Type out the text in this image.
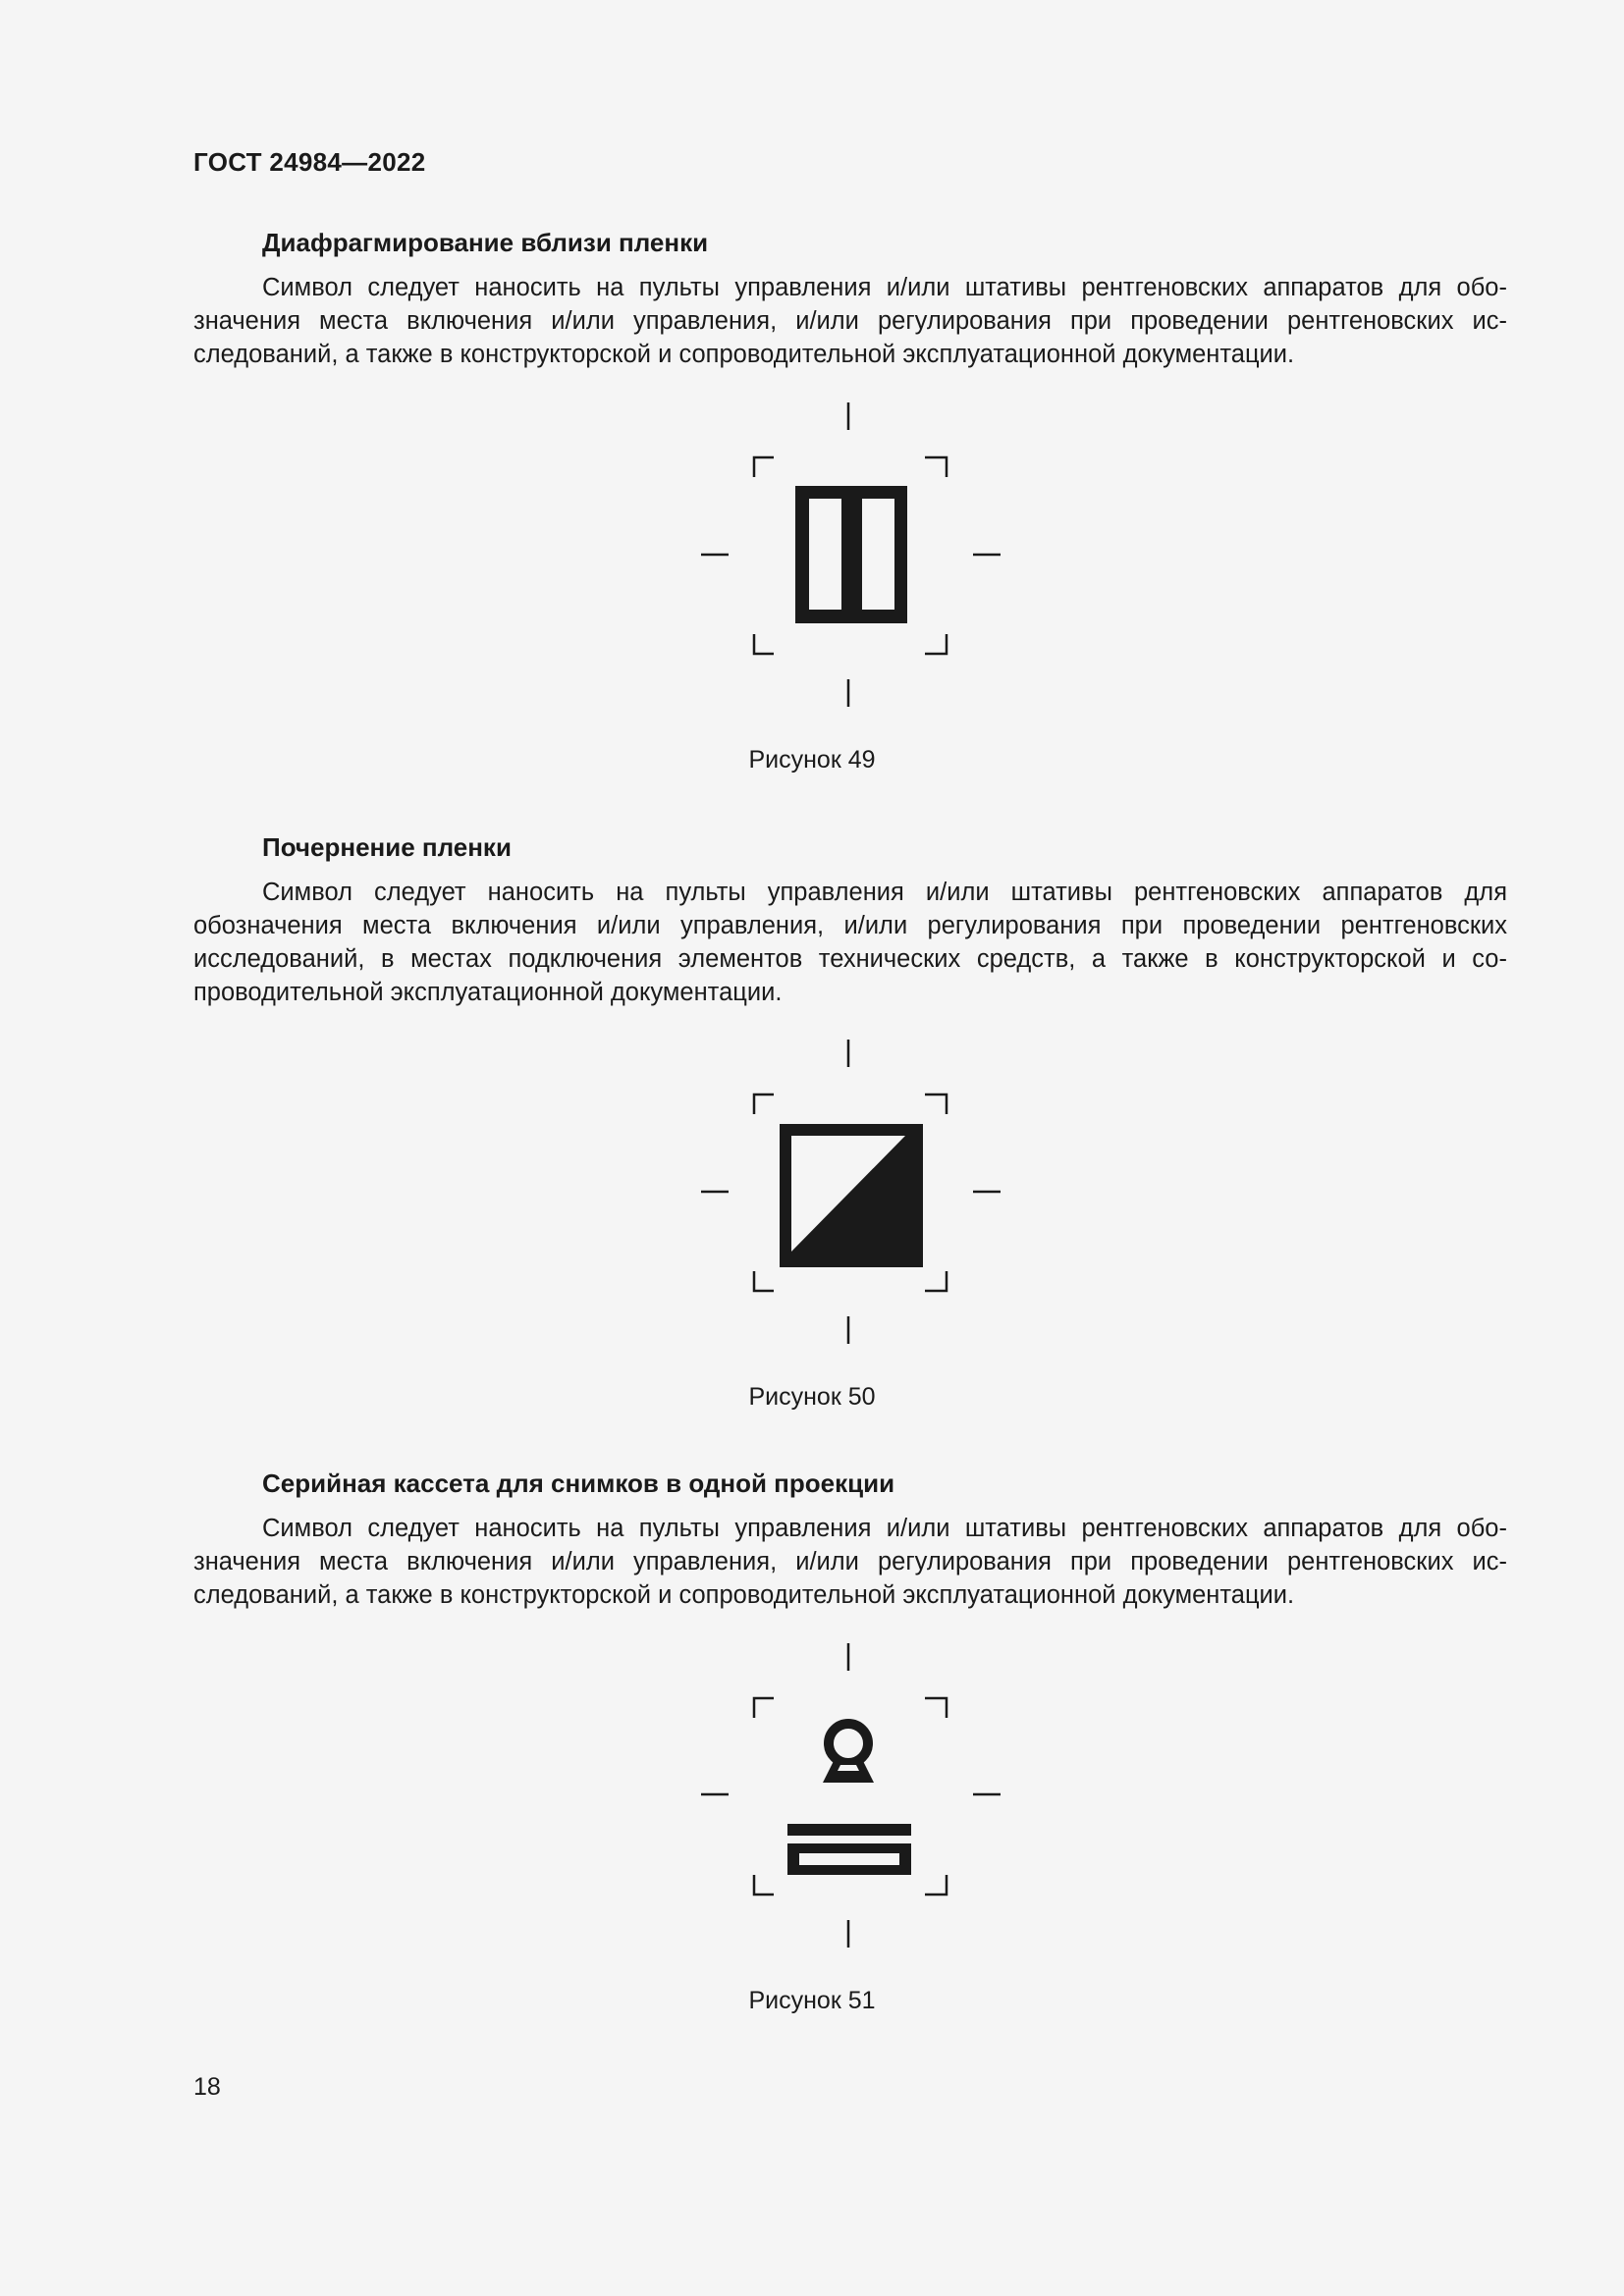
ГОСТ 24984—2022

Диафрагмирование вблизи пленки

Символ следует наносить на пульты управления и/или штативы рентгеновских аппаратов для обозначения места включения и/или управления, и/или регулирования при проведении рентгеновских исследований, а также в конструкторской и сопроводительной эксплуатационной документации.

Рисунок 49

Почернение пленки

Символ следует наносить на пульты управления и/или штативы рентгеновских аппаратов для обозначения места включения и/или управления, и/или регулирования при проведении рентгеновских исследований, в местах подключения элементов технических средств, а также в конструкторской и сопроводительной эксплуатационной документации.

Рисунок 50

Серийная кассета для снимков в одной проекции

Символ следует наносить на пульты управления и/или штативы рентгеновских аппаратов для обозначения места включения и/или управления, и/или регулирования при проведении рентгеновских исследований, а также в конструкторской и сопроводительной эксплуатационной документации.

Рисунок 51
18
